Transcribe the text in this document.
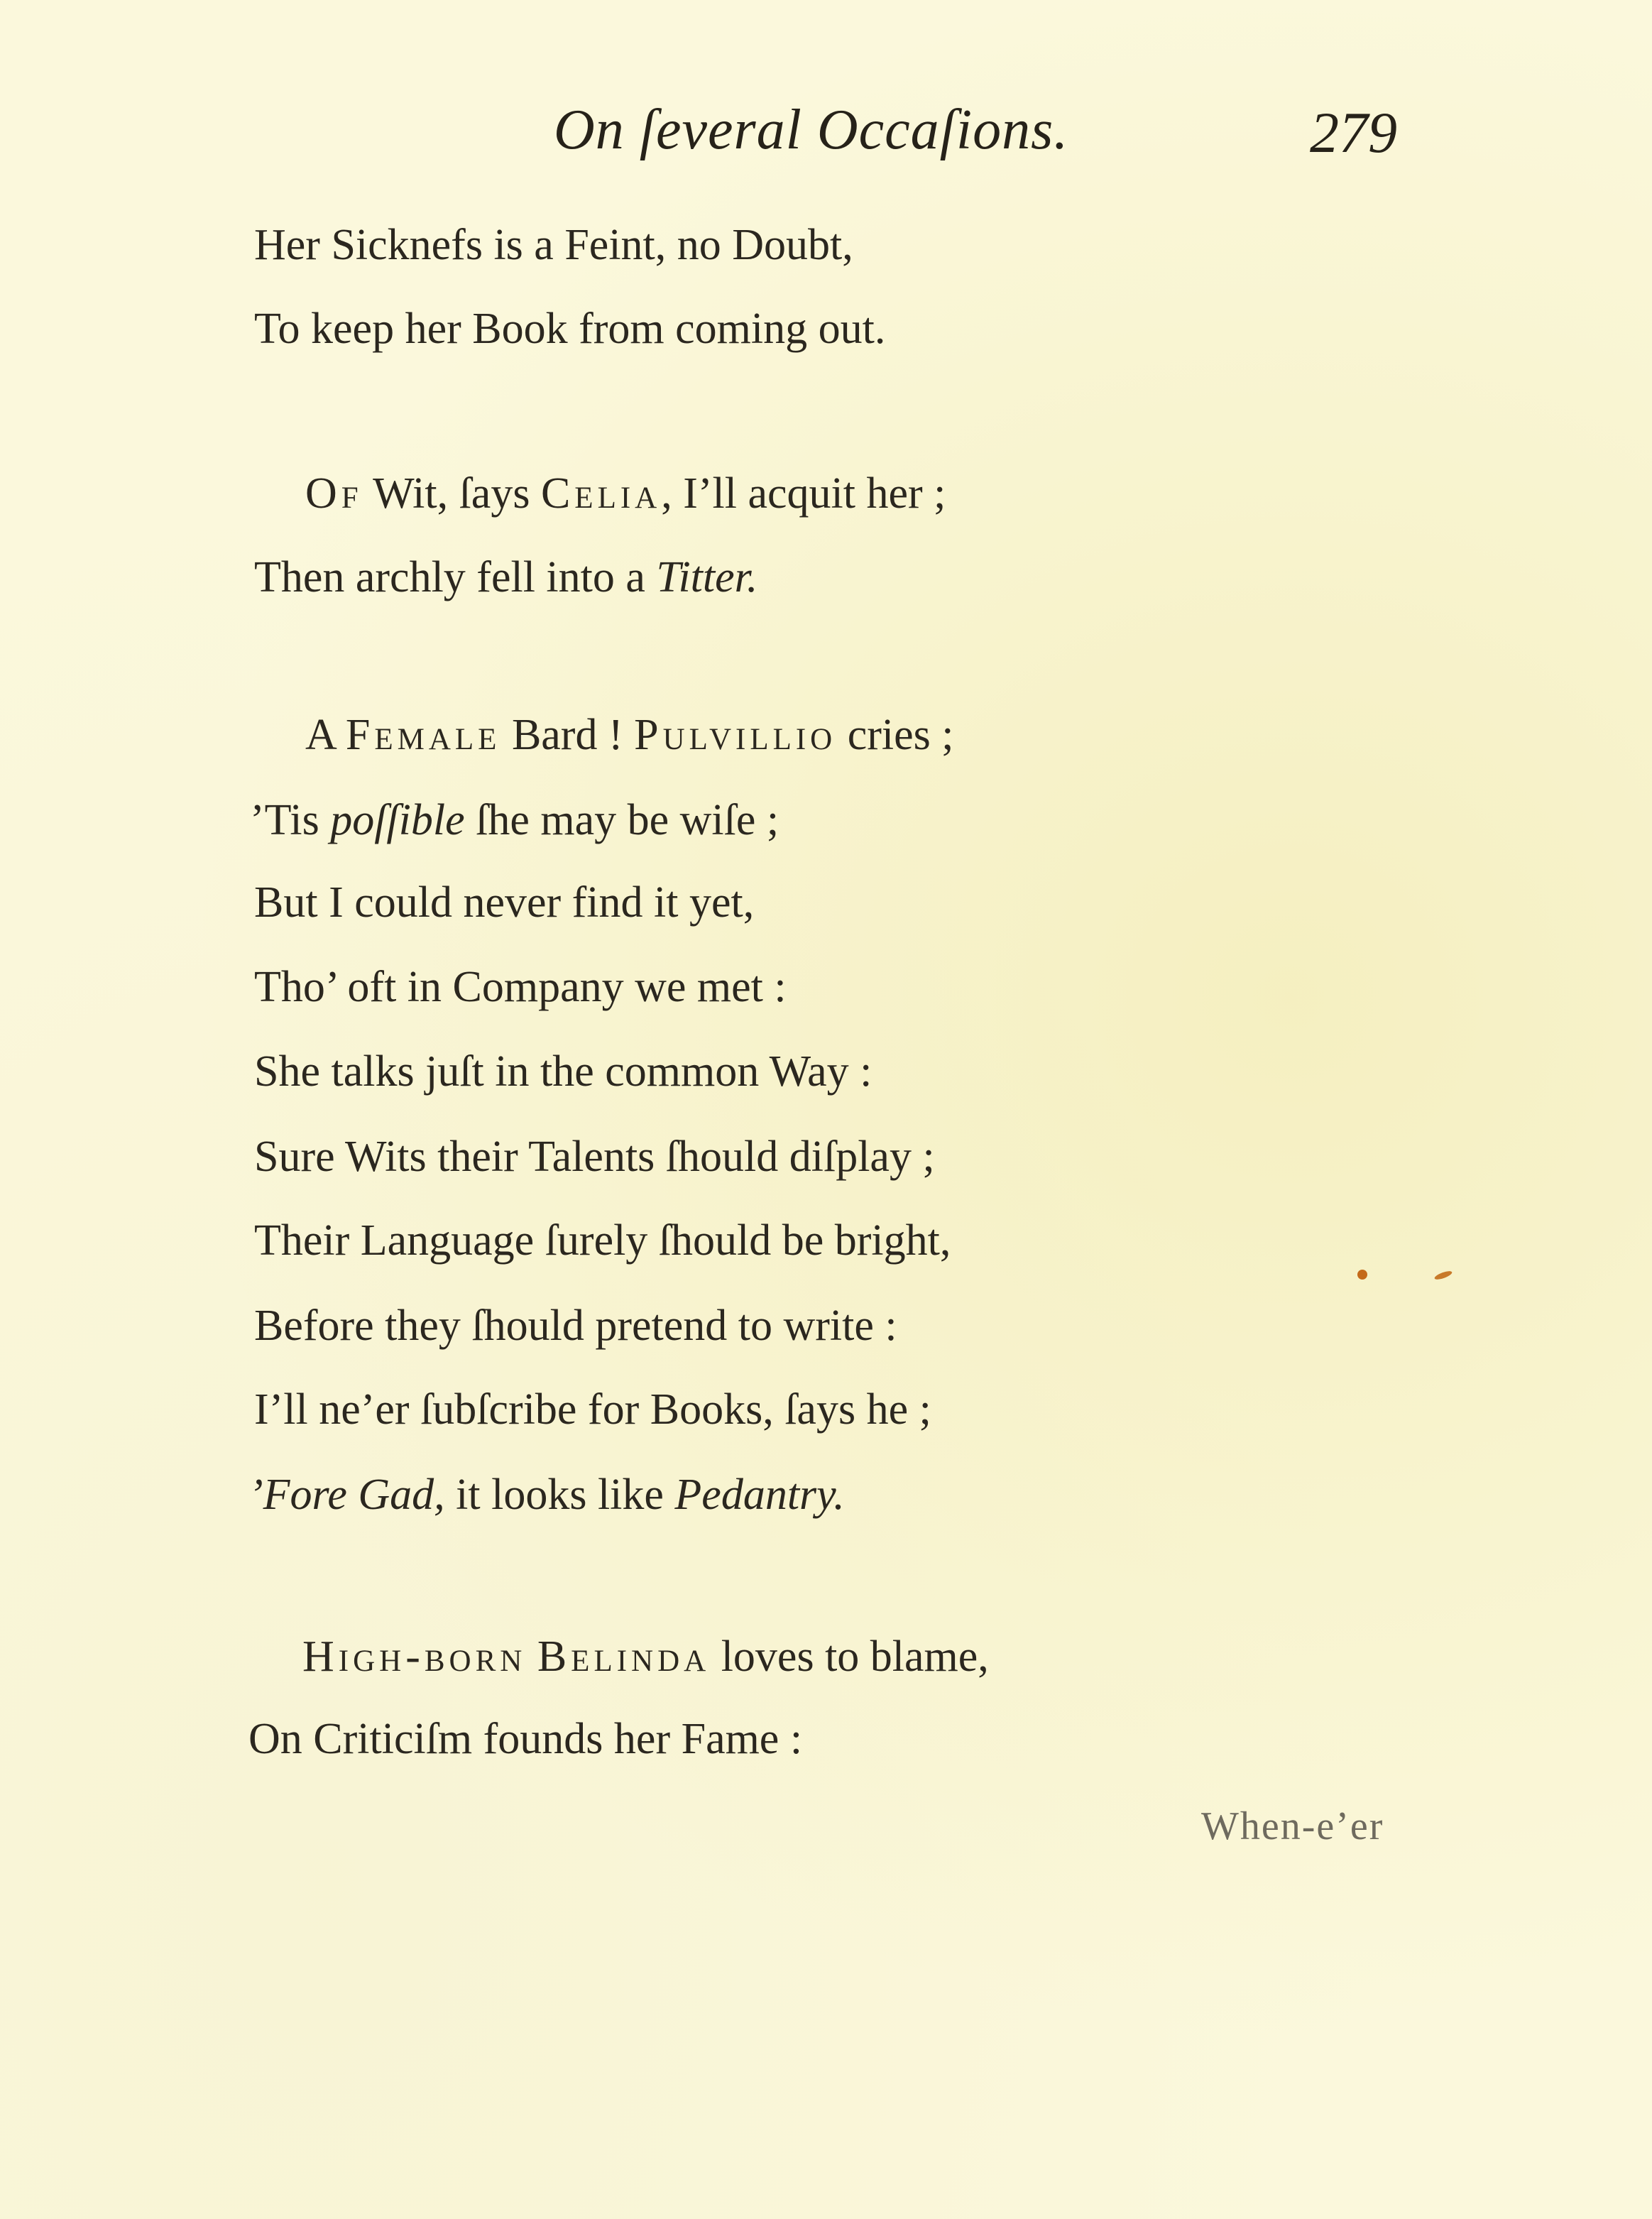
On ſeveral Occaſions.	279
Her Sicknefs is a Feint, no Doubt,
To keep her Book from coming out.
Of Wit, ſays Celia, I’ll acquit her ;
Then archly fell into a Titter.
A Female Bard ! Pulvillio cries ;
’Tis poſſible ſhe may be wiſe ;
But I could never find it yet,
Tho’ oft in Company we met :
She talks juſt in the common Way :
Sure Wits their Talents ſhould diſplay ;
Their Language ſurely ſhould be bright,
Before they ſhould pretend to write :
I’ll ne’er ſubſcribe for Books, ſays he ;
’Fore Gad, it looks like Pedantry.
High-born Belinda loves to blame,
On Criticiſm founds her Fame :
When-e’er
